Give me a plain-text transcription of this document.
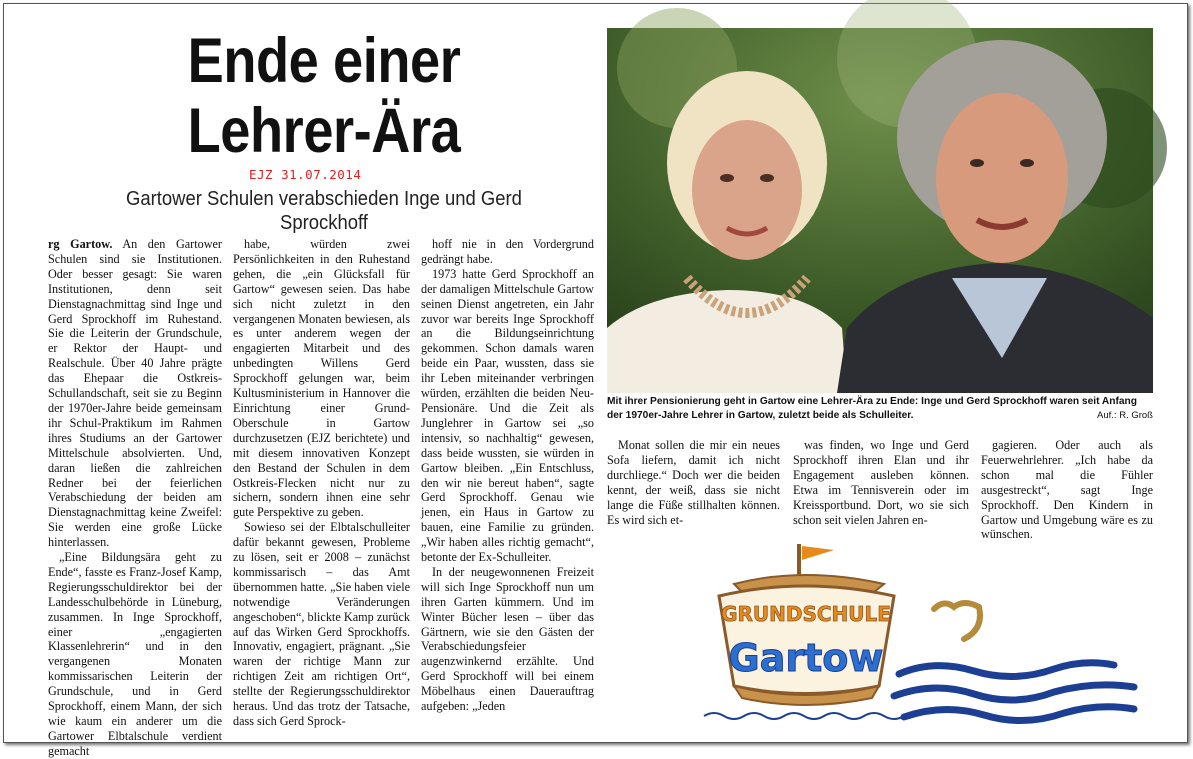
Ende einer
Lehrer-Ära
EJZ 31.07.2014
Gartower Schulen verabschieden Inge und Gerd Sprockhoff

rg Gartow. An den Gartower Schulen sind sie Institutionen. Oder besser gesagt: Sie waren Institutionen, denn seit Dienstagnachmittag sind Inge und Gerd Sprockhoff im Ruhestand. Sie die Leiterin der Grundschule, er Rektor der Haupt- und Realschule. Über 40 Jahre prägte das Ehepaar die Ostkreis-Schullandschaft, seit sie zu Beginn der 1970er-Jahre beide gemeinsam ihr Schul-Praktikum im Rahmen ihres Studiums an der Gartower Mittelschule absolvierten. Und, daran ließen die zahlreichen Redner bei der feierlichen Verabschiedung der beiden am Dienstagnachmittag keine Zweifel: Sie werden eine große Lücke hinterlassen.

„Eine Bildungsära geht zu Ende“, fasste es Franz-Josef Kamp, Regierungsschuldirektor bei der Landesschulbehörde in Lüneburg, zusammen. In Inge Sprockhoff, einer „engagierten Klassenlehrerin“ und in den vergangenen Monaten kommissarischen Leiterin der Grundschule, und in Gerd Sprockhoff, einem Mann, der sich wie kaum ein anderer um die Gartower Elbtalschule verdient gemacht

habe, würden zwei Persönlichkeiten in den Ruhestand gehen, die „ein Glücksfall für Gartow“ gewesen seien. Das habe sich nicht zuletzt in den vergangenen Monaten bewiesen, als es unter anderem wegen der engagierten Mitarbeit und des unbedingten Willens Gerd Sprockhoff gelungen war, beim Kultusministerium in Hannover die Einrichtung einer Grund-Oberschule in Gartow durchzusetzen (EJZ berichtete) und mit diesem innovativen Konzept den Bestand der Schulen in dem Ostkreis-Flecken nicht nur zu sichern, sondern ihnen eine sehr gute Perspektive zu geben.

Sowieso sei der Elbtalschulleiter dafür bekannt gewesen, Probleme zu lösen, seit er 2008 – zunächst kommissarisch – das Amt übernommen hatte. „Sie haben viele notwendige Veränderungen angeschoben“, blickte Kamp zurück auf das Wirken Gerd Sprockhoffs. Innovativ, engagiert, prägnant. „Sie waren der richtige Mann zur richtigen Zeit am richtigen Ort“, stellte der Regierungsschuldirektor heraus. Und das trotz der Tatsache, dass sich Gerd Sprock-

hoff nie in den Vordergrund gedrängt habe.

1973 hatte Gerd Sprockhoff an der damaligen Mittelschule Gartow seinen Dienst angetreten, ein Jahr zuvor war bereits Inge Sprockhoff an die Bildungseinrichtung gekommen. Schon damals waren beide ein Paar, wussten, dass sie ihr Leben miteinander verbringen würden, erzählten die beiden Neu-Pensionäre. Und die Zeit als Junglehrer in Gartow sei „so intensiv, so nachhaltig“ gewesen, dass beide wussten, sie würden in Gartow bleiben. „Ein Entschluss, den wir nie bereut haben“, sagte Gerd Sprockhoff. Genau wie jenen, ein Haus in Gartow zu bauen, eine Familie zu gründen. „Wir haben alles richtig gemacht“, betonte der Ex-Schulleiter.

In der neugewonnenen Freizeit will sich Inge Sprockhoff nun um ihren Garten kümmern. Und im Winter Bücher lesen – über das Gärtnern, wie sie den Gästen der Verabschiedungsfeier augenzwinkernd erzählte. Und Gerd Sprockhoff will bei einem Möbelhaus einen Dauerauftrag aufgeben: „Jeden

Monat sollen die mir ein neues Sofa liefern, damit ich nicht durchliege.“ Doch wer die beiden kennt, der weiß, dass sie nicht lange die Füße stillhalten können. Es wird sich et-

was finden, wo Inge und Gerd Sprockhoff ihren Elan und ihr Engagement ausleben können. Etwa im Tennisverein oder im Kreissportbund. Dort, wo sie sich schon seit vielen Jahren en-

gagieren. Oder auch als Feuerwehrlehrer. „Ich habe da schon mal die Fühler ausgestreckt“, sagt Inge Sprockhoff. Den Kindern in Gartow und Umgebung wäre es zu wünschen.

Mit ihrer Pensionierung geht in Gartow eine Lehrer-Ära zu Ende: Inge und Gerd Sprockhoff waren seit Anfang der 1970er-Jahre Lehrer in Gartow, zuletzt beide als Schulleiter.	Auf.: R. Groß
GRUNDSCHULE
Gartow
